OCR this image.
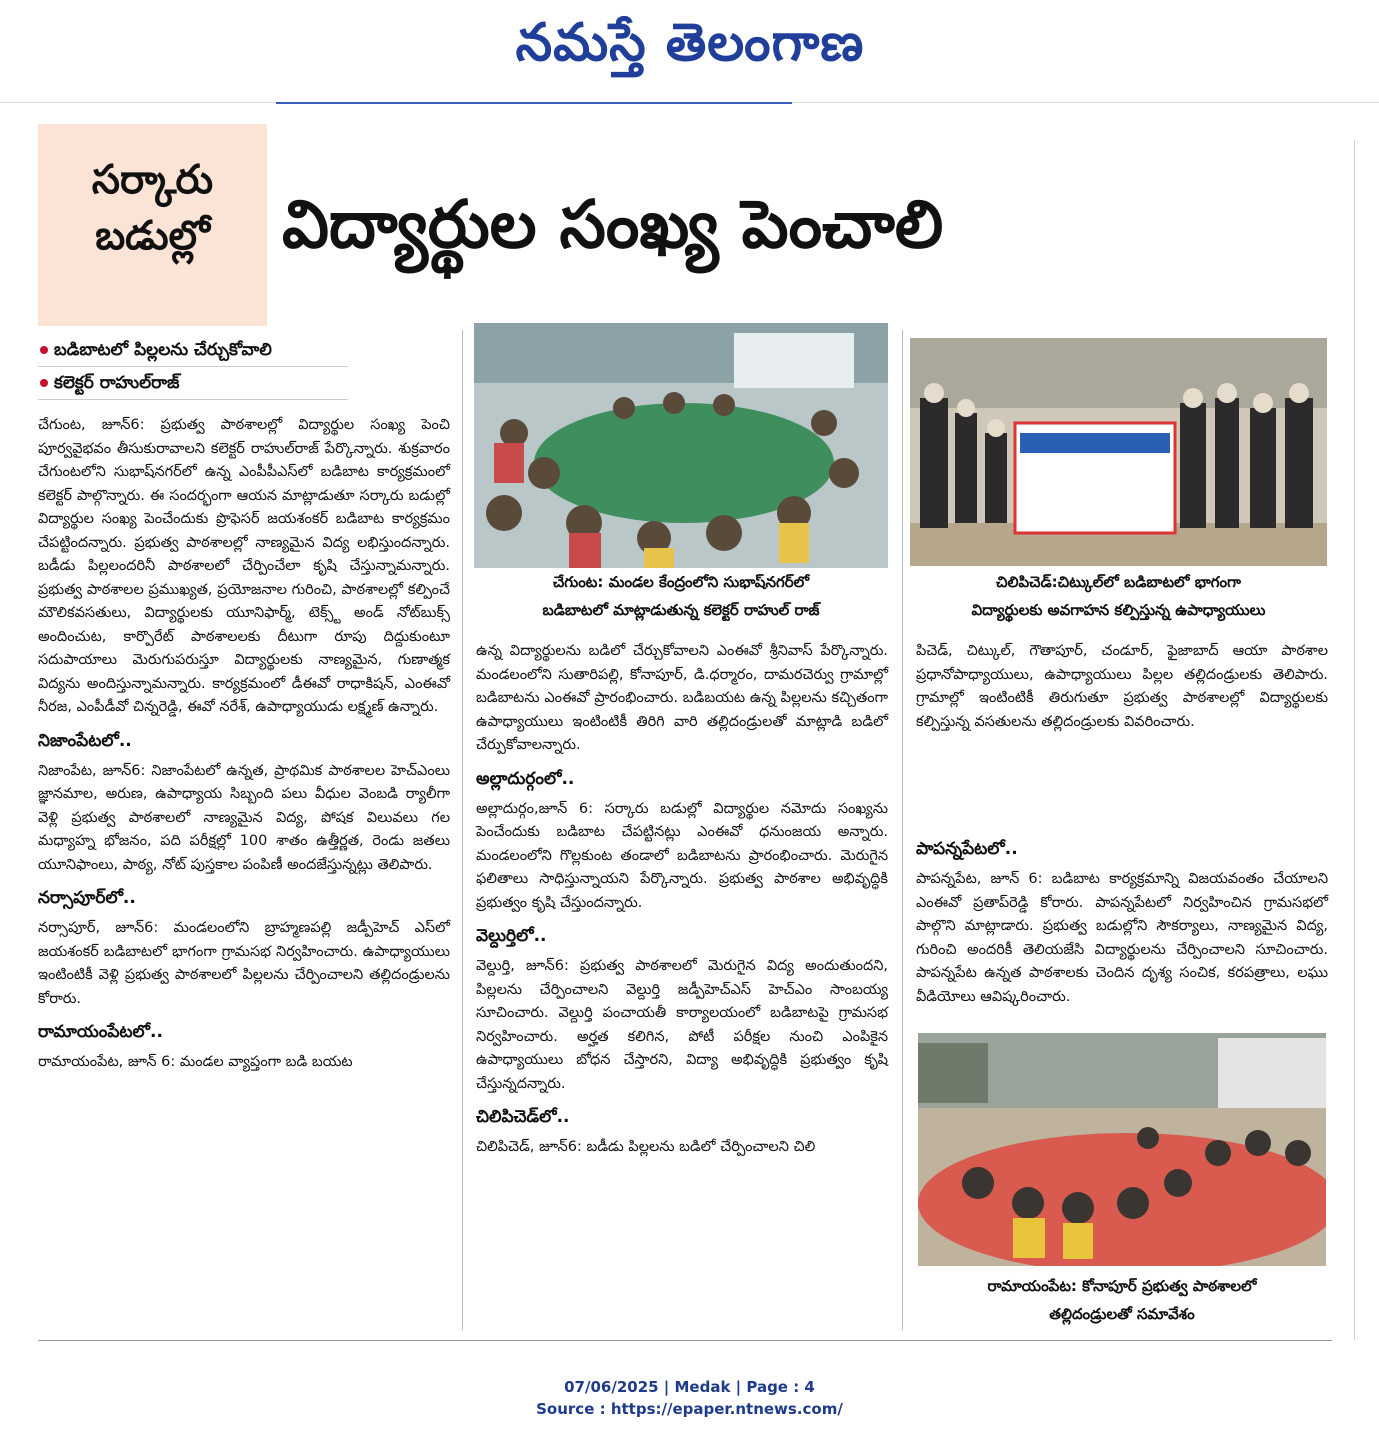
నమస్తే తెలంగాణ
సర్కారు
బడుల్లో	విద్యార్థుల సంఖ్య పెంచాలి
బడిబాటలో పిల్లలను చేర్చుకోవాలి
కలెక్టర్ రాహుల్‌రాజ్

చేగుంట, జూన్6: ప్రభుత్వ పాఠశాలల్లో విద్యార్థుల సంఖ్య పెంచి పూర్వవైభవం తీసుకురావాలని కలెక్టర్ రాహుల్‌రాజ్ పేర్కొన్నారు. శుక్రవారం చేగుంటలోని సుభాష్‌నగర్‌లో ఉన్న ఎంపీపీఎస్‌లో బడిబాట కార్యక్రమంలో కలెక్టర్ పాల్గొన్నారు. ఈ సందర్భంగా ఆయన మాట్లాడుతూ సర్కారు బడుల్లో విద్యార్థుల సంఖ్య పెంచేందుకు ప్రొఫెసర్ జయశంకర్ బడిబాట కార్యక్రమం చేపట్టిందన్నారు. ప్రభుత్వ పాఠశాలల్లో నాణ్యమైన విద్య లభిస్తుందన్నారు. బడీడు పిల్లలందరినీ పాఠశాలలో చేర్పించేలా కృషి చేస్తున్నామన్నారు. ప్రభుత్వ పాఠశాలల ప్రముఖ్యత, ప్రయోజనాల గురించి, పాఠశాలల్లో కల్పించే మౌలికవసతులు, విద్యార్థులకు యూనిఫార్మ్, టెక్స్ట్ అండ్ నోట్‌బుక్స్ అందించుట, కార్పొరేట్ పాఠశాలలకు దీటుగా రూపు దిద్దుకుంటూ సదుపాయాలు మెరుగుపరుస్తూ విద్యార్థులకు నాణ్యమైన, గుణాత్మక విద్యను అందిస్తున్నామన్నారు. కార్యక్రమంలో డీఈవో రాధాకిషన్, ఎంఈవో నీరజ, ఎంపీడీవో చిన్నరెడ్డి, ఈవో నరేశ్, ఉపాధ్యాయుడు లక్ష్మణ్ ఉన్నారు.

నిజాంపేటలో..

నిజాంపేట, జూన్6: నిజాంపేటలో ఉన్నత, ప్రాథమిక పాఠశాలల హెచ్‌ఎంలు జ్ఞానమాల, అరుణ, ఉపాధ్యాయ సిబ్బంది పలు వీధుల వెంబడి ర్యాలీగా వెళ్లి ప్రభుత్వ పాఠశాలలో నాణ్యమైన విద్య, పోషక విలువలు గల మధ్యాహ్న భోజనం, పది పరీక్షల్లో 100 శాతం ఉత్తీర్ణత, రెండు జతలు యూనిఫాంలు, పాఠ్య, నోట్ పుస్తకాల పంపిణీ అందజేస్తున్నట్లు తెలిపారు.

నర్సాపూర్‌లో..

నర్సాపూర్, జూన్6: మండలంలోని బ్రాహ్మణపల్లి జడ్పీహెచ్ ఎస్‌లో జయశంకర్ బడిబాటలో భాగంగా గ్రామసభ నిర్వహించారు. ఉపాధ్యాయులు ఇంటింటికీ వెళ్లి ప్రభుత్వ పాఠశాలలో పిల్లలను చేర్పించాలని తల్లిదండ్రులను కోరారు.

రామాయంపేటలో..

రామాయంపేట, జూన్ 6: మండల వ్యాప్తంగా బడి బయట

చేగుంట: మండల కేంద్రంలోని సుభాష్‌నగర్‌లో
బడిబాటలో మాట్లాడుతున్న కలెక్టర్ రాహుల్ రాజ్

ఉన్న విద్యార్థులను బడిలో చేర్చుకోవాలని ఎంఈవో శ్రీనివాస్ పేర్కొన్నారు. మండలంలోని సుతారిపల్లి, కోనాపూర్, డి.ధర్మారం, దామరచెర్వు గ్రామాల్లో బడిబాటను ఎంఈవో ప్రారంభించారు. బడిబయట ఉన్న పిల్లలను కచ్చితంగా ఉపాధ్యాయులు ఇంటింటికీ తిరిగి వారి తల్లిదండ్రులతో మాట్లాడి బడిలో చేర్పుకోవాలన్నారు.

అల్లాదుర్గంలో..

అల్లాదుర్గం,జూన్ 6: సర్కారు బడుల్లో విద్యార్థుల నమోదు సంఖ్యను పెంచేందుకు బడిబాట చేపట్టినట్లు ఎంఈవో ధనుంజయ అన్నారు. మండలంలోని గొల్లకుంట తండాలో బడిబాటను ప్రారంభించారు. మెరుగైన ఫలితాలు సాధిస్తున్నాయని పేర్కొన్నారు. ప్రభుత్వ పాఠశాల అభివృద్ధికి ప్రభుత్వం కృషి చేస్తుందన్నారు.

వెల్దుర్తిలో..

వెల్దుర్తి, జూన్6: ప్రభుత్వ పాఠశాలలో మెరుగైన విద్య అందుతుందని, పిల్లలను చేర్పించాలని వెల్దుర్తి జడ్పీహెచ్‌ఎస్ హెచ్‌ఎం సాంబయ్య సూచించారు. వెల్దుర్తి పంచాయతీ కార్యాలయంలో బడిబాటపై గ్రామసభ నిర్వహించారు. అర్హత కలిగిన, పోటీ పరీక్షల నుంచి ఎంపికైన ఉపాధ్యాయులు బోధన చేస్తారని, విద్యా అభివృద్ధికి ప్రభుత్వం కృషి చేస్తున్నదన్నారు.

చిలిపిచెడ్‌లో..

చిలిపిచెడ్, జూన్6: బడీడు పిల్లలను బడిలో చేర్పించాలని చిలి

చిలిపిచెడ్:చిట్కుల్‌లో బడిబాటలో భాగంగా
విద్యార్థులకు అవగాహన కల్పిస్తున్న ఉపాధ్యాయులు

పిచెడ్, చిట్కుల్, గౌతాపూర్, చండూర్, ఫైజాబాద్ ఆయా పాఠశాల ప్రధానోపాధ్యాయులు, ఉపాధ్యాయులు పిల్లల తల్లిదండ్రులకు తెలిపారు. గ్రామాల్లో ఇంటింటికీ తిరుగుతూ ప్రభుత్వ పాఠశాలల్లో విద్యార్థులకు కల్పిస్తున్న వసతులను తల్లిదండ్రులకు వివరించారు.

పాపన్నపేటలో..

పాపన్నపేట, జూన్ 6: బడిబాట కార్యక్రమాన్ని విజయవంతం చేయాలని ఎంఈవో ప్రతాప్‌రెడ్డి కోరారు. పాపన్నపేటలో నిర్వహించిన గ్రామసభలో పాల్గొని మాట్లాడారు. ప్రభుత్వ బడుల్లోని సౌకర్యాలు, నాణ్యమైన విద్య, గురించి అందరికీ తెలియజేసి విద్యార్థులను చేర్పించాలని సూచించారు. పాపన్నపేట ఉన్నత పాఠశాలకు చెందిన దృశ్య సంచిక, కరపత్రాలు, లఘు వీడియోలు ఆవిష్కరించారు.

రామాయంపేట: కోనాపూర్ ప్రభుత్వ పాఠశాలలో
తల్లిదండ్రులతో సమావేశం
07/06/2025 | Medak | Page : 4
Source : https://epaper.ntnews.com/
